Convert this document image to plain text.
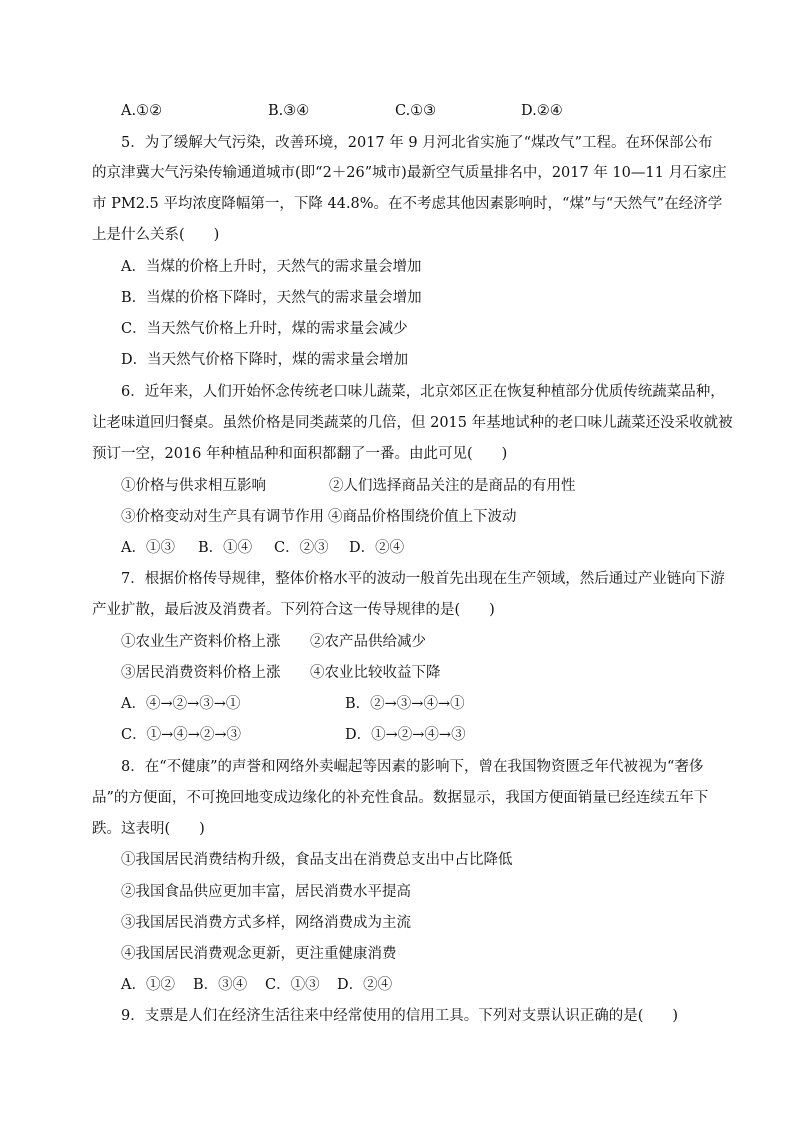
A.①②	B.③④	C.①③	D.②④
5．为了缓解大气污染，改善环境，2017 年 9 月河北省实施了“煤改气”工程。在环保部公布
的京津冀大气污染传输通道城市(即“2＋26”城市)最新空气质量排名中，2017 年 10—11 月石家庄
市 PM2.5 平均浓度降幅第一，下降 44.8%。在不考虑其他因素影响时，“煤”与“天然气”在经济学
上是什么关系(　　)
A．当煤的价格上升时，天然气的需求量会增加
B．当煤的价格下降时，天然气的需求量会增加
C．当天然气价格上升时，煤的需求量会减少
D．当天然气价格下降时，煤的需求量会增加
6．近年来，人们开始怀念传统老口味儿蔬菜，北京郊区正在恢复种植部分优质传统蔬菜品种，
让老味道回归餐桌。虽然价格是同类蔬菜的几倍，但 2015 年基地试种的老口味儿蔬菜还没采收就被
预订一空，2016 年种植品种和面积都翻了一番。由此可见(　　)
①价格与供求相互影响	②人们选择商品关注的是商品的有用性
③价格变动对生产具有调节作用 ④商品价格围绕价值上下波动
A．①③ B．①④ C．②③ D．②④
7．根据价格传导规律，整体价格水平的波动一般首先出现在生产领域，然后通过产业链向下游
产业扩散，最后波及消费者。下列符合这一传导规律的是(　　)
①农业生产资料价格上涨 ②农产品供给减少
③居民消费资料价格上涨 ④农业比较收益下降
A．④→②→③→①	B．②→③→④→①
C．①→④→②→③	D．①→②→④→③
8．在“不健康”的声誉和网络外卖崛起等因素的影响下，曾在我国物资匮乏年代被视为“奢侈
品”的方便面，不可挽回地变成边缘化的补充性食品。数据显示，我国方便面销量已经连续五年下
跌。这表明(　　)
①我国居民消费结构升级，食品支出在消费总支出中占比降低
②我国食品供应更加丰富，居民消费水平提高
③我国居民消费方式多样，网络消费成为主流
④我国居民消费观念更新，更注重健康消费
A．①② B．③④ C．①③ D．②④
9．支票是人们在经济生活往来中经常使用的信用工具。下列对支票认识正确的是(　　)
